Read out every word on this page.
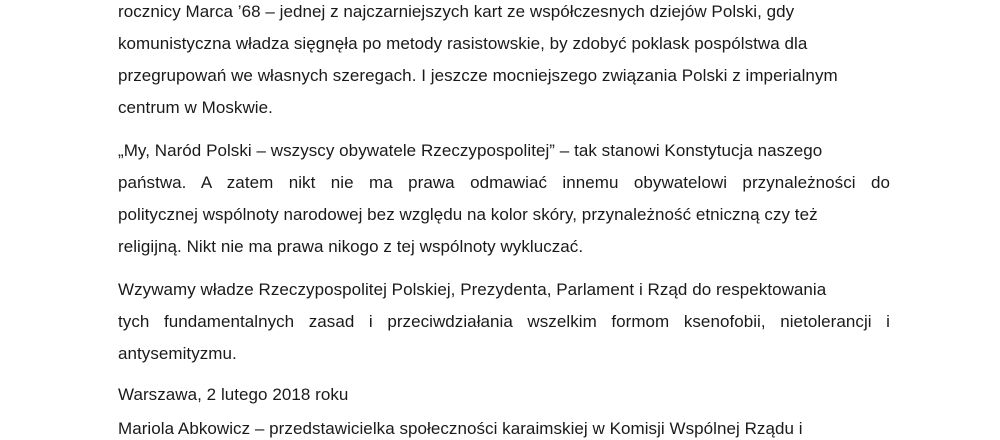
rocznicy Marca ’68 – jednej z najczarniejszych kart ze współczesnych dziejów Polski, gdy
komunistyczna władza sięgnęła po metody rasistowskie, by zdobyć poklask pospólstwa dla
przegrupowań we własnych szeregach. I jeszcze mocniejszego związania Polski z imperialnym
centrum w Moskwie.
„My, Naród Polski – wszyscy obywatele Rzeczypospolitej” – tak stanowi Konstytucja naszego
państwa. A zatem nikt nie ma prawa odmawiać innemu obywatelowi przynależności do
politycznej wspólnoty narodowej bez względu na kolor skóry, przynależność etniczną czy też
religijną. Nikt nie ma prawa nikogo z tej wspólnoty wykluczać.
Wzywamy władze Rzeczypospolitej Polskiej, Prezydenta, Parlament i Rząd do respektowania
tych fundamentalnych zasad i przeciwdziałania wszelkim formom ksenofobii, nietolerancji i
antysemityzmu.
Warszawa, 2 lutego 2018 roku
Mariola Abkowicz – przedstawicielka społeczności karaimskiej w Komisji Wspólnej Rządu i
